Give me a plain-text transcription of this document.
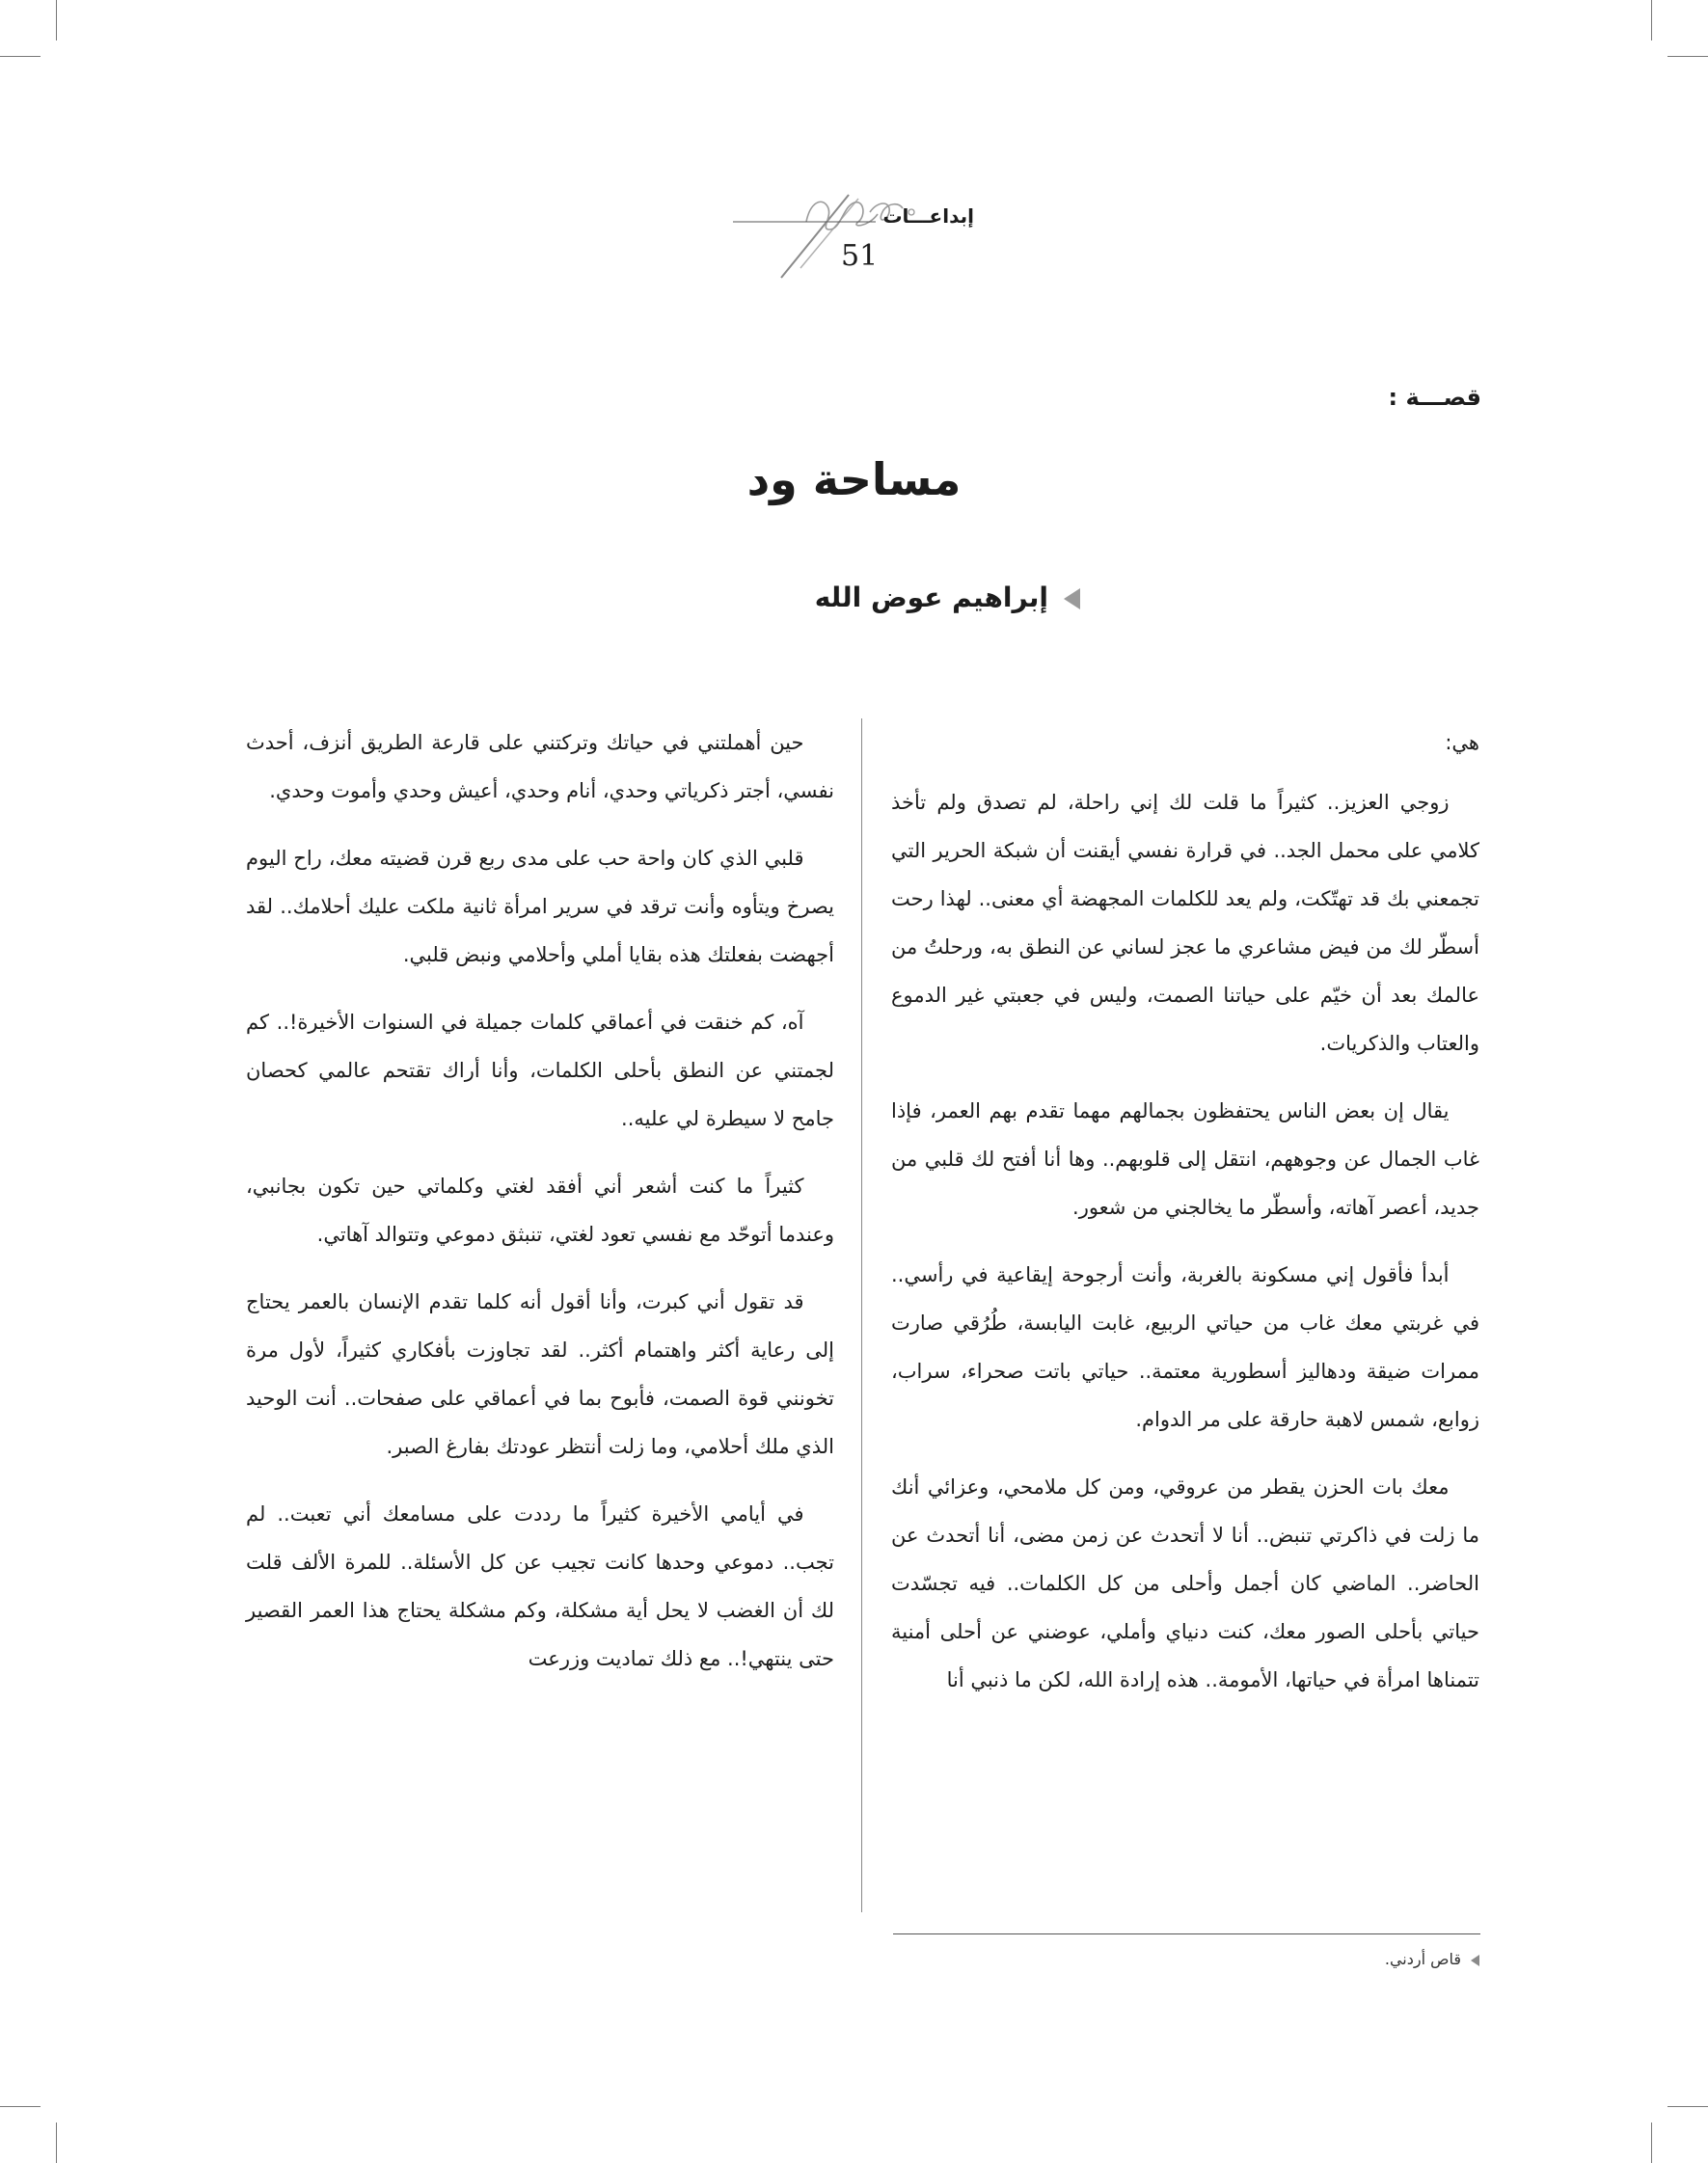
إبداعـــات
51
قصـــة :
مساحة ود
إبراهيم عوض الله

هي:

زوجي العزيز.. كثيراً ما قلت لك إني راحلة، لم تصدق ولم تأخذ كلامي على محمل الجد.. في قرارة نفسي أيقنت أن شبكة الحرير التي تجمعني بك قد تهتّكت، ولم يعد للكلمات المجهضة أي معنى.. لهذا رحت أسطّر لك من فيض مشاعري ما عجز لساني عن النطق به، ورحلتُ من عالمك بعد أن خيّم على حياتنا الصمت، وليس في جعبتي غير الدموع والعتاب والذكريات.

يقال إن بعض الناس يحتفظون بجمالهم مهما تقدم بهم العمر، فإذا غاب الجمال عن وجوههم، انتقل إلى قلوبهم.. وها أنا أفتح لك قلبي من جديد، أعصر آهاته، وأسطّر ما يخالجني من شعور.

أبدأ فأقول إني مسكونة بالغربة، وأنت أرجوحة إيقاعية في رأسي.. في غربتي معك غاب من حياتي الربيع، غابت اليابسة، طُرُقي صارت ممرات ضيقة ودهاليز أسطورية معتمة.. حياتي باتت صحراء، سراب، زوابع، شمس لاهبة حارقة على مر الدوام.

معك بات الحزن يقطر من عروقي، ومن كل ملامحي، وعزائي أنك ما زلت في ذاكرتي تنبض.. أنا لا أتحدث عن زمن مضى، أنا أتحدث عن الحاضر.. الماضي كان أجمل وأحلى من كل الكلمات.. فيه تجسّدت حياتي بأحلى الصور معك، كنت دنياي وأملي، عوضني عن أحلى أمنية تتمناها امرأة في حياتها، الأمومة.. هذه إرادة الله، لكن ما ذنبي أنا

حين أهملتني في حياتك وتركتني على قارعة الطريق أنزف، أحدث نفسي، أجتر ذكرياتي وحدي، أنام وحدي، أعيش وحدي وأموت وحدي.

قلبي الذي كان واحة حب على مدى ربع قرن قضيته معك، راح اليوم يصرخ ويتأوه وأنت ترقد في سرير امرأة ثانية ملكت عليك أحلامك.. لقد أجهضت بفعلتك هذه بقايا أملي وأحلامي ونبض قلبي.

آه، كم خنقت في أعماقي كلمات جميلة في السنوات الأخيرة!.. كم لجمتني عن النطق بأحلى الكلمات، وأنا أراك تقتحم عالمي كحصان جامح لا سيطرة لي عليه..

كثيراً ما كنت أشعر أني أفقد لغتي وكلماتي حين تكون بجانبي، وعندما أتوحّد مع نفسي تعود لغتي، تنبثق دموعي وتتوالد آهاتي.

قد تقول أني كبرت، وأنا أقول أنه كلما تقدم الإنسان بالعمر يحتاج إلى رعاية أكثر واهتمام أكثر.. لقد تجاوزت بأفكاري كثيراً، لأول مرة تخونني قوة الصمت، فأبوح بما في أعماقي على صفحات.. أنت الوحيد الذي ملك أحلامي، وما زلت أنتظر عودتك بفارغ الصبر.

في أيامي الأخيرة كثيراً ما رددت على مسامعك أني تعبت.. لم تجب.. دموعي وحدها كانت تجيب عن كل الأسئلة.. للمرة الألف قلت لك أن الغضب لا يحل أية مشكلة، وكم مشكلة يحتاج هذا العمر القصير حتى ينتهي!.. مع ذلك تماديت وزرعت

قاص أردني.
